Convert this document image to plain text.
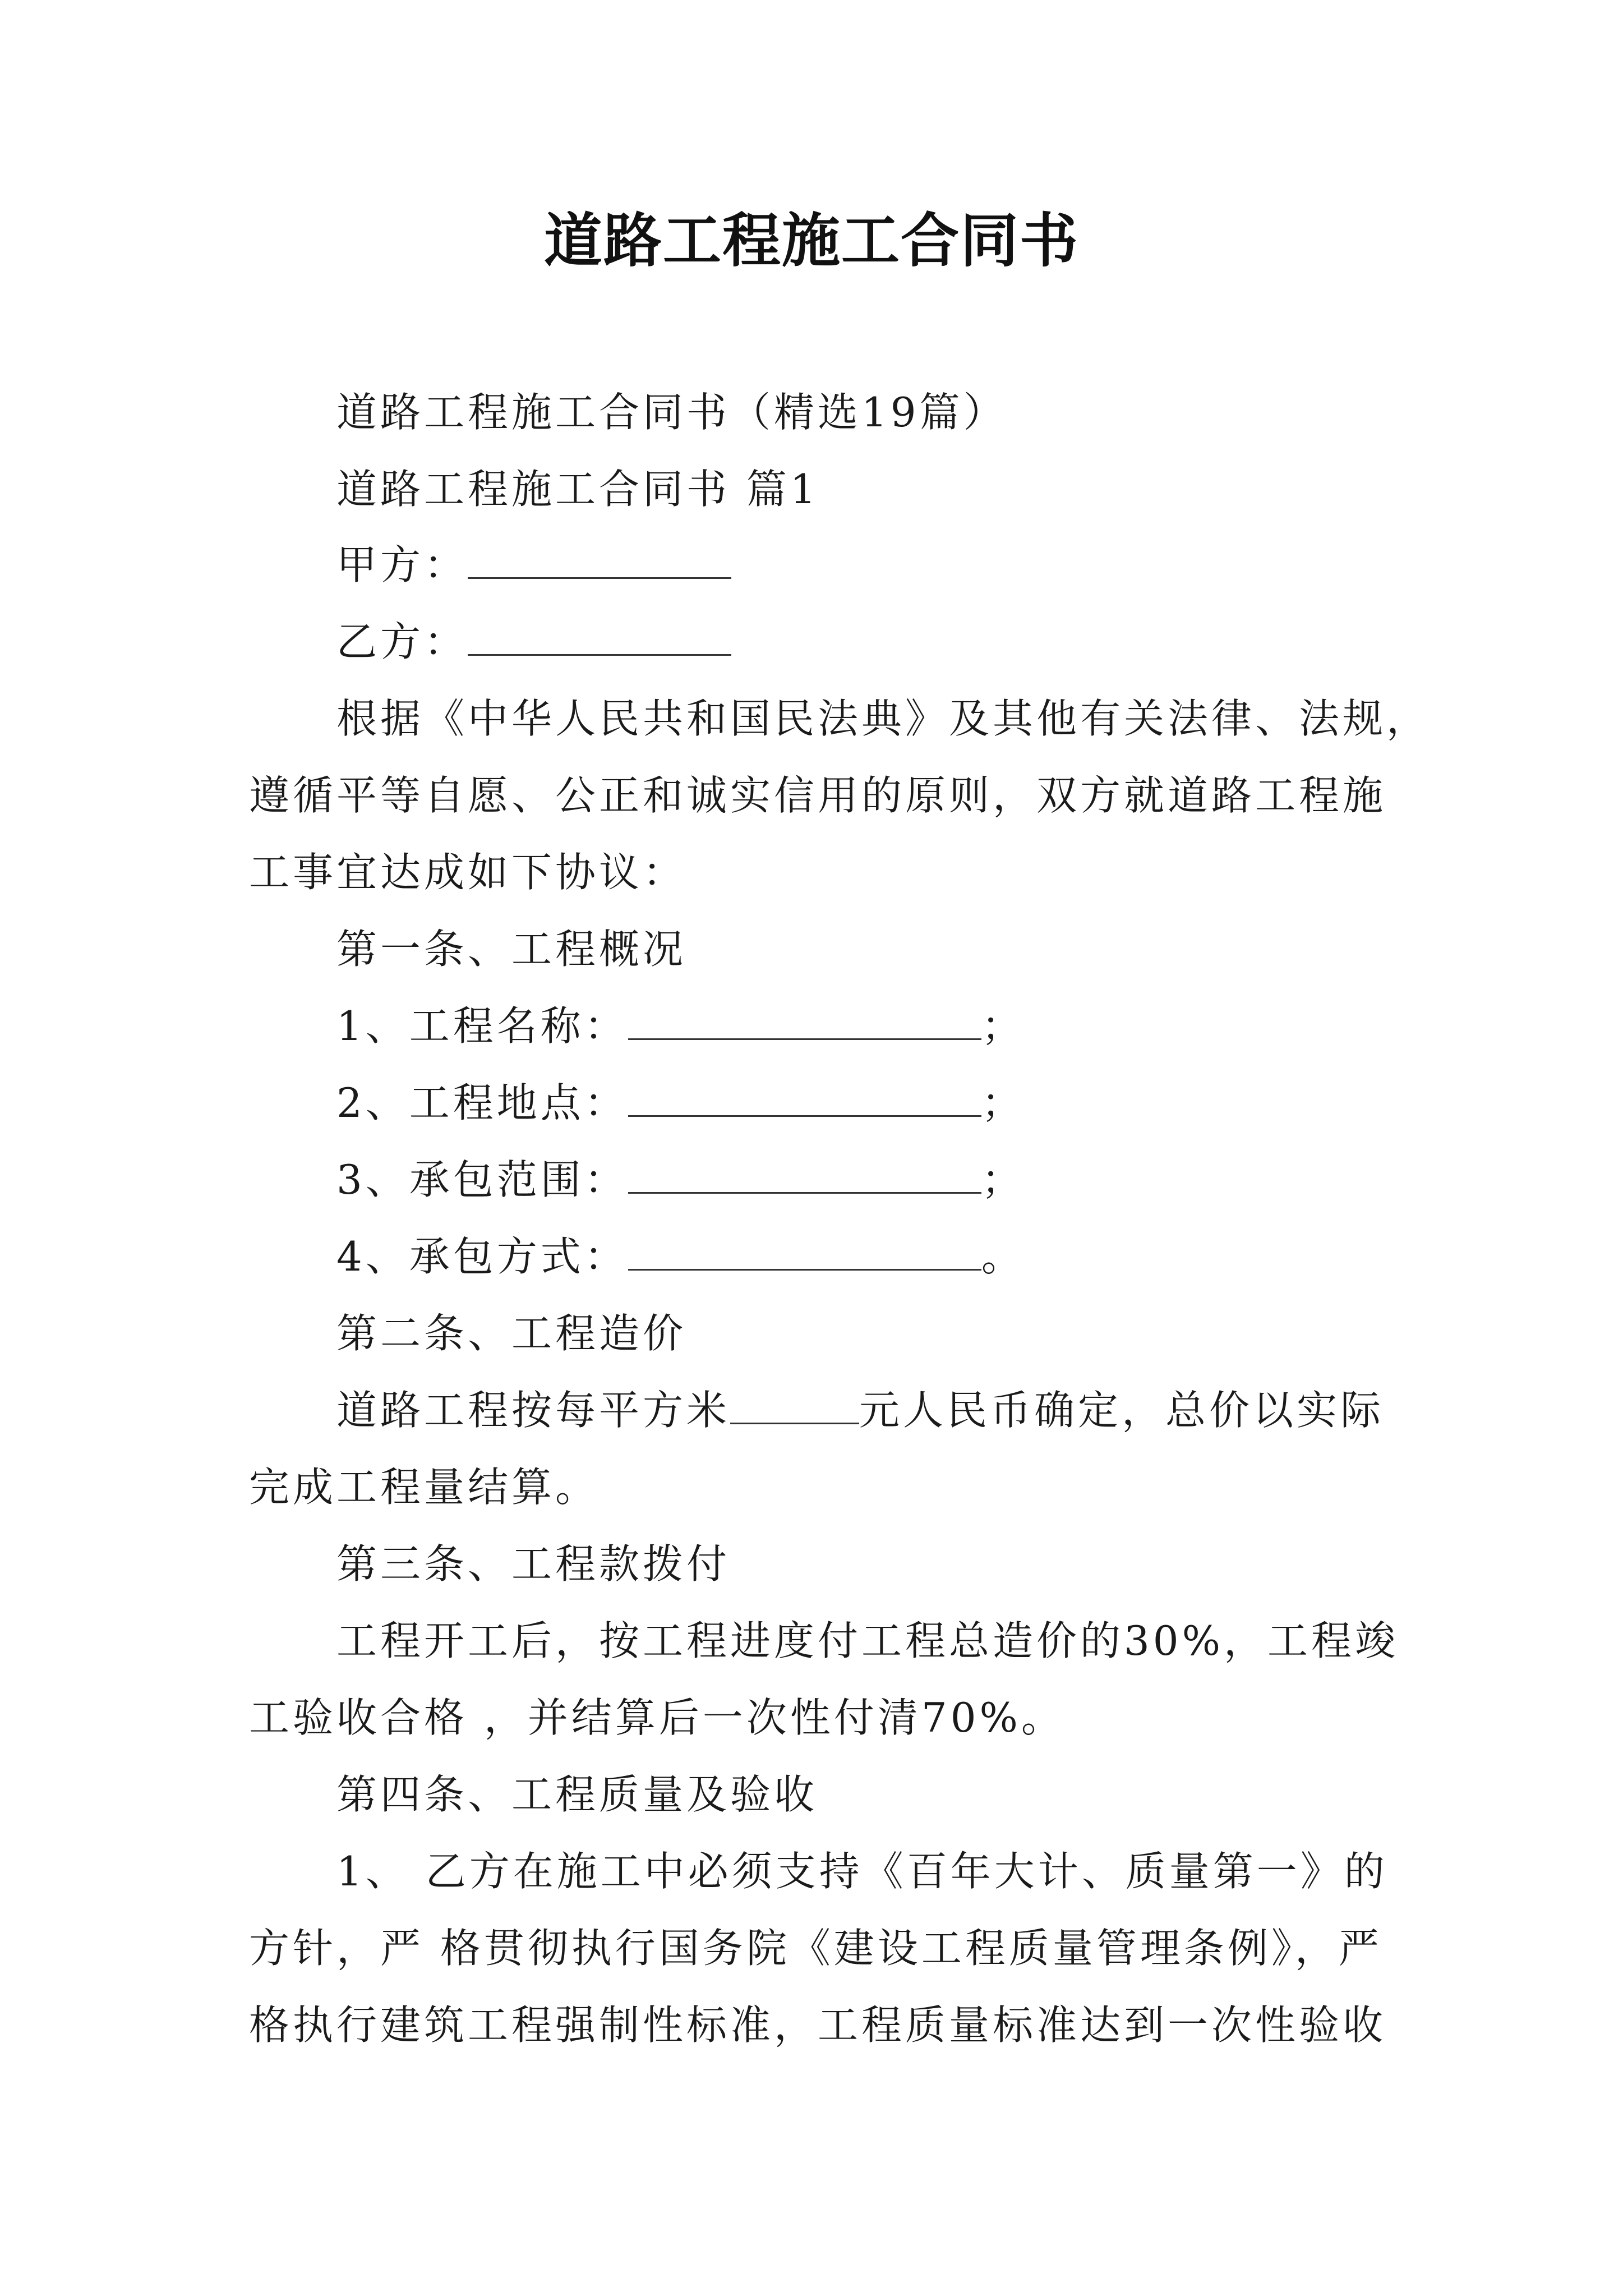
道路工程施工合同书
道路工程施工合同书（精选19篇）
道路工程施工合同书 篇1
甲方：
乙方：
根据《中华人民共和国民法典》及其他有关法律、法规，
遵循平等自愿、公正和诚实信用的原则，双方就道路工程施
工事宜达成如下协议：
第一条、工程概况
1、工程名称：	；
2、工程地点：	；
3、承包范围：	；
4、承包方式：	。
第二条、工程造价
道路工程按每平方米	元人民币确定，总价以实际
完成工程量结算。
第三条、工程款拨付
工程开工后，按工程进度付工程总造价的30%，工程竣
工验收合格 ，并结算后一次性付清70%。
第四条、工程质量及验收
1、 乙方在施工中必须支持《百年大计、质量第一》的
方针，严 格贯彻执行国务院《建设工程质量管理条例》，严
格执行建筑工程强制性标准，工程质量标准达到一次性验收
